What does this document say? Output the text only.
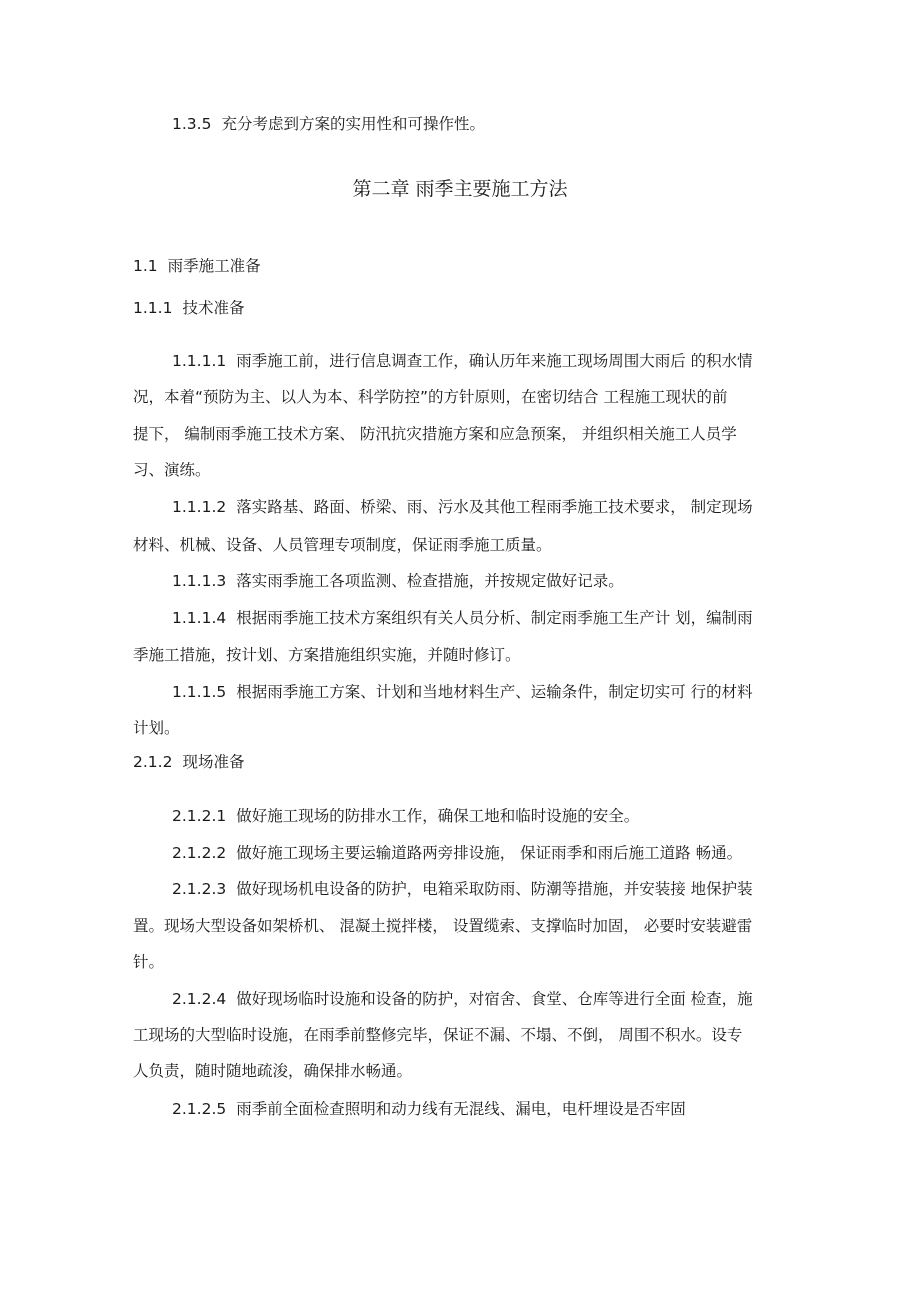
1.3.5 充分考虑到方案的实用性和可操作性。
第二章 雨季主要施工方法
1.1 雨季施工准备
1.1.1 技术准备
1.1.1.1 雨季施工前，进行信息调查工作，确认历年来施工现场周围大雨后 的积水情
况，本着“预防为主、以人为本、科学防控”的方针原则，在密切结合 工程施工现状的前
提下， 编制雨季施工技术方案、 防汛抗灾措施方案和应急预案， 并组织相关施工人员学
习、演练。
1.1.1.2 落实路基、路面、桥梁、雨、污水及其他工程雨季施工技术要求， 制定现场
材料、机械、设备、人员管理专项制度，保证雨季施工质量。
1.1.1.3 落实雨季施工各项监测、检查措施，并按规定做好记录。
1.1.1.4 根据雨季施工技术方案组织有关人员分析、制定雨季施工生产计 划，编制雨
季施工措施，按计划、方案措施组织实施，并随时修订。
1.1.1.5 根据雨季施工方案、计划和当地材料生产、运输条件，制定切实可 行的材料
计划。
2.1.2 现场准备
2.1.2.1 做好施工现场的防排水工作，确保工地和临时设施的安全。
2.1.2.2 做好施工现场主要运输道路两旁排设施， 保证雨季和雨后施工道路 畅通。
2.1.2.3 做好现场机电设备的防护，电箱采取防雨、防潮等措施，并安装接 地保护装
置。现场大型设备如架桥机、 混凝土搅拌楼， 设置缆索、支撑临时加固， 必要时安装避雷
针。
2.1.2.4 做好现场临时设施和设备的防护，对宿舍、食堂、仓库等进行全面 检查，施
工现场的大型临时设施，在雨季前整修完毕，保证不漏、不塌、不倒， 周围不积水。设专
人负责，随时随地疏浚，确保排水畅通。
2.1.2.5 雨季前全面检查照明和动力线有无混线、漏电，电杆埋设是否牢固
